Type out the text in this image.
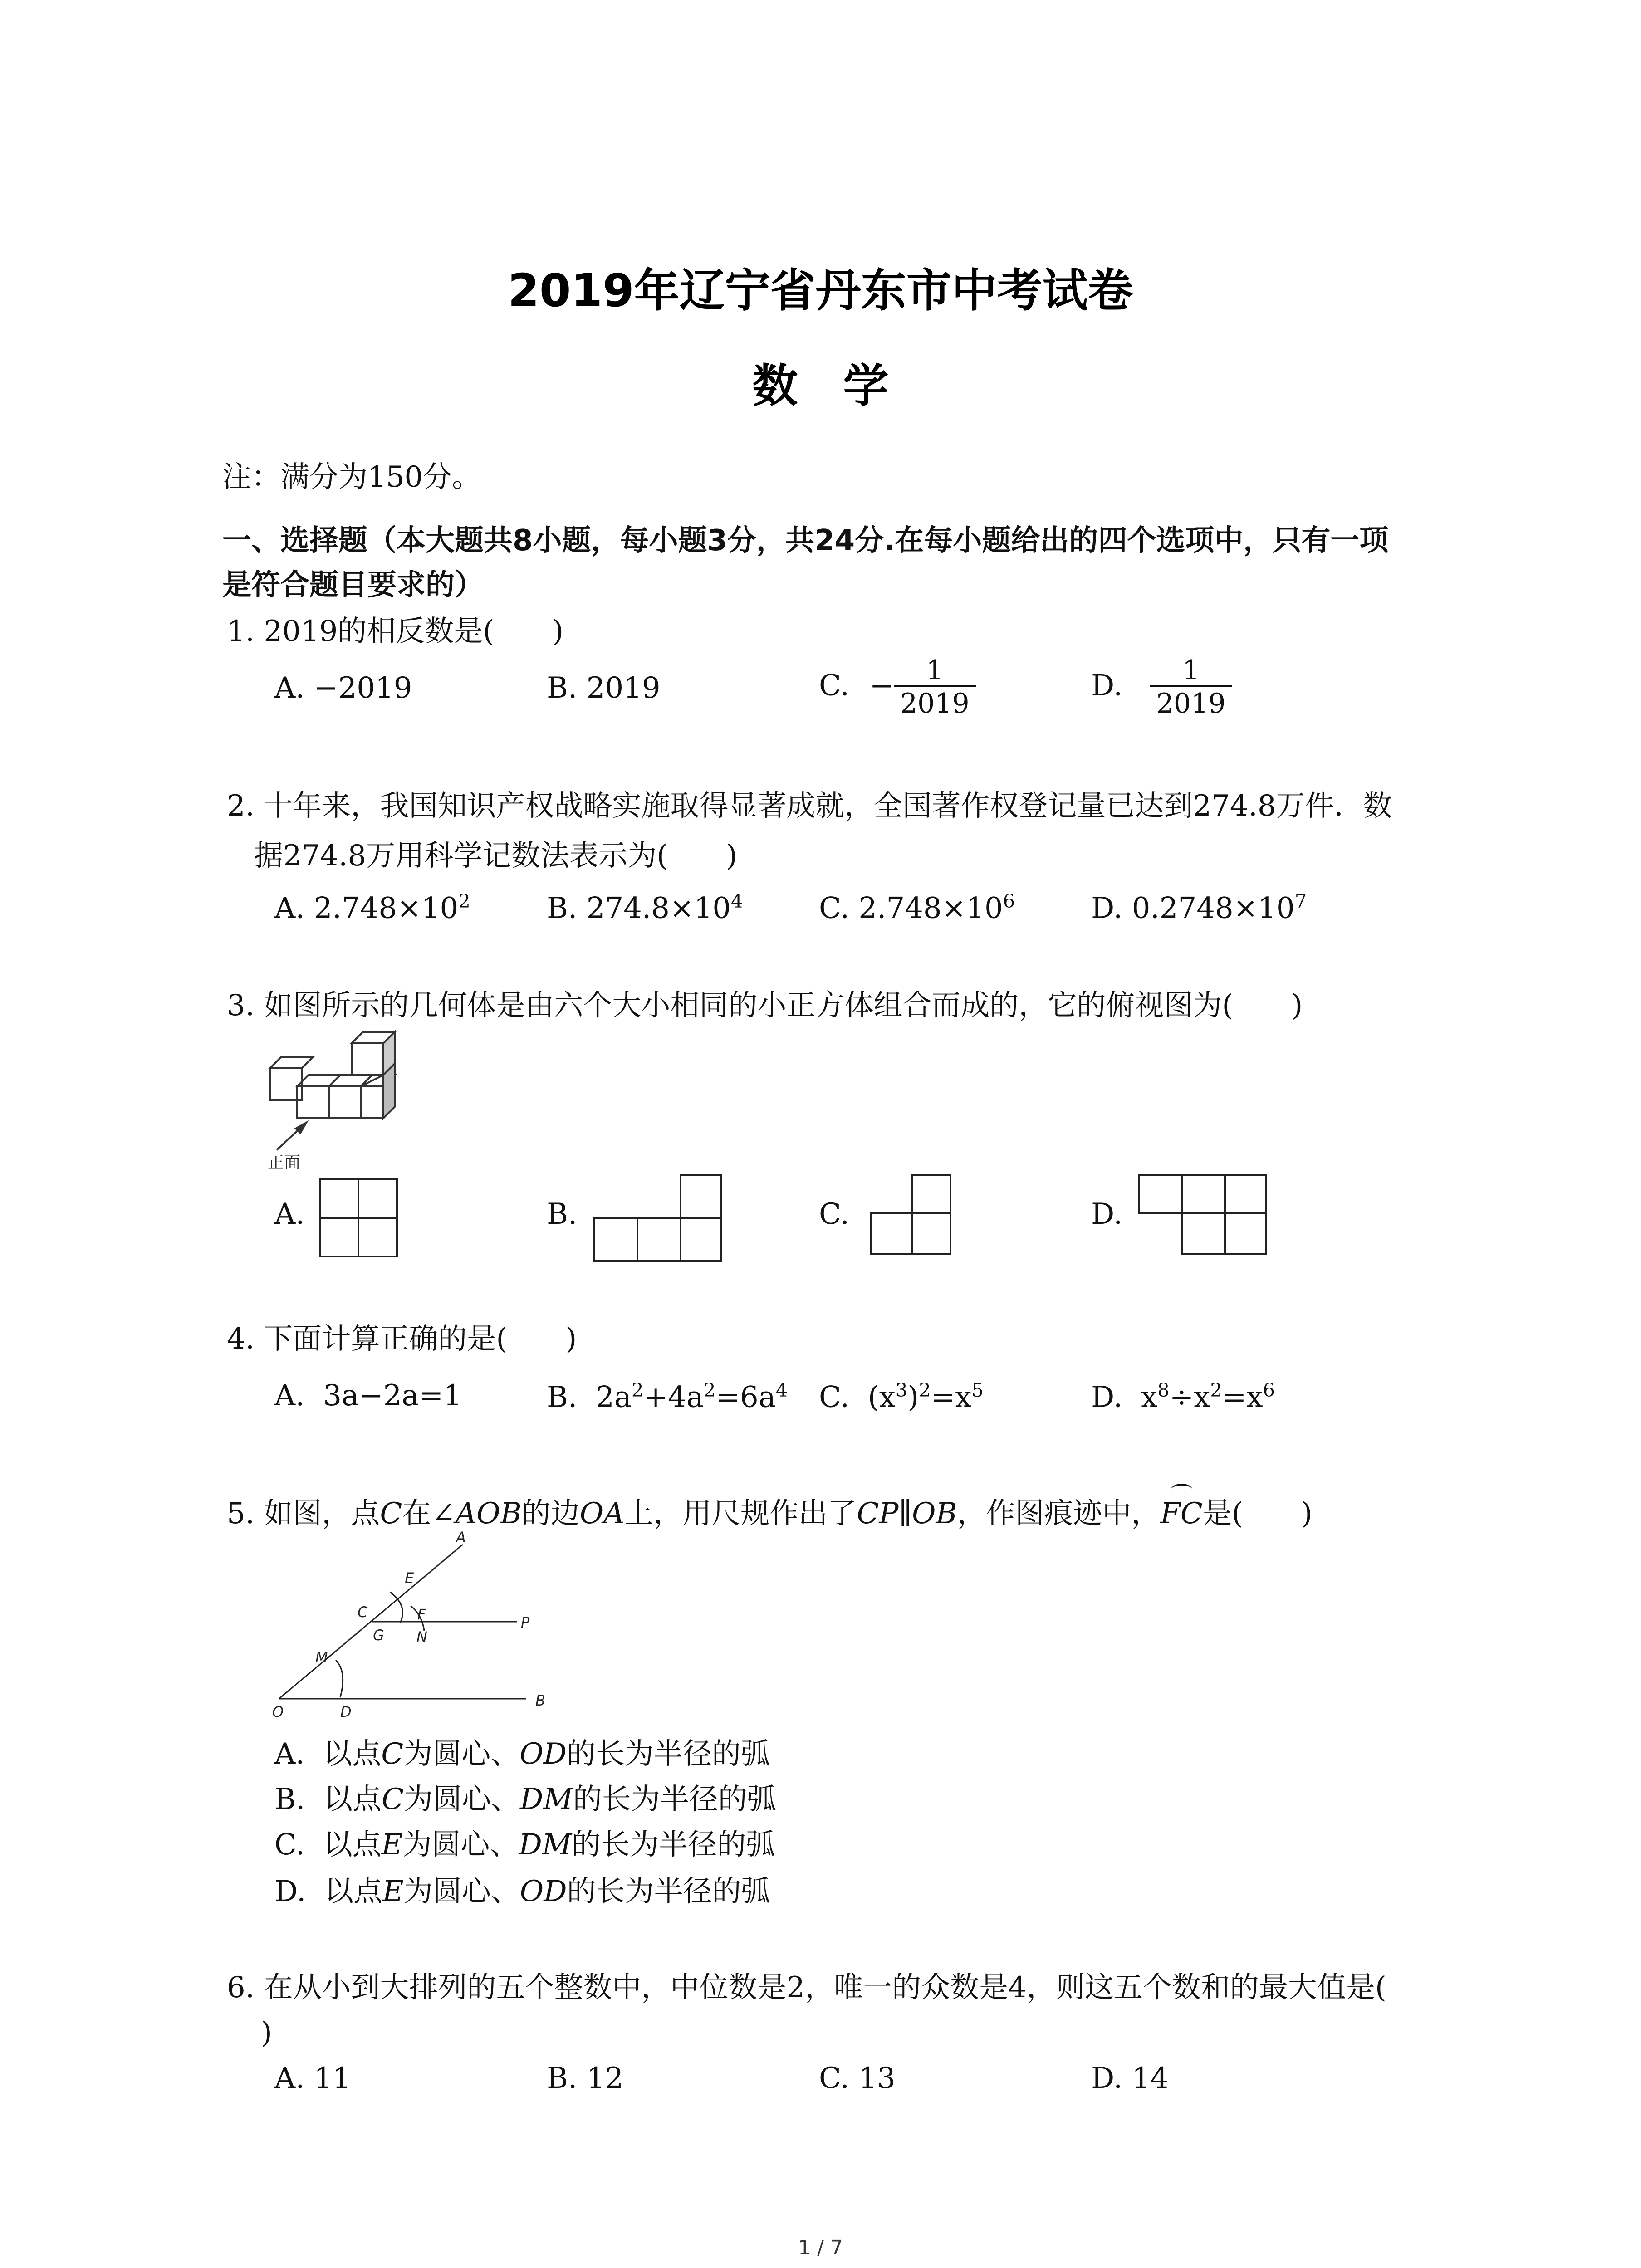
2019年辽宁省丹东市中考试卷
数学
注：满分为150分。
一、选择题（本大题共8小题，每小题3分，共24分.在每小题给出的四个选项中，只有一项
是符合题目要求的）
1. 2019的相反数是(　　)
A. −2019	B. 2019	C. − $\frac{1}{2019}$	D. $\frac{1}{2019}$
2. 十年来，我国知识产权战略实施取得显著成就，全国著作权登记量已达到274.8万件．数
据274.8万用科学记数法表示为(　　)
A. $2.748\times 10^2$	B. $274.8\times 10^4$	C. $2.748\times 10^6$	D. $0.2748\times 10^7$
3. 如图所示的几何体是由六个大小相同的小正方体组合而成的，它的俯视图为(　　)
正面
A.	B.	C.	D.
4. 下面计算正确的是(　　)
A. 3a−2a=1	B. $2a^2+4a^2=6a^4$ C. $(x^3)^2=x^5$	D. $x^8\div x^2=x^6$
5. 如图，点C在∠AOB的边OA上，用尺规作出了CP∥OB，作图痕迹中，FC是(　　)
A
E
C	F	P
G N
M
O	D
B
A. 以点C为圆心、OD的长为半径的弧
B. 以点C为圆心、DM的长为半径的弧
C. 以点E为圆心、DM的长为半径的弧
D. 以点E为圆心、OD的长为半径的弧
6. 在从小到大排列的五个整数中，中位数是2，唯一的众数是4，则这五个数和的最大值是(
)
A. 11	B. 12	C. 13	D. 14
1 / 7
